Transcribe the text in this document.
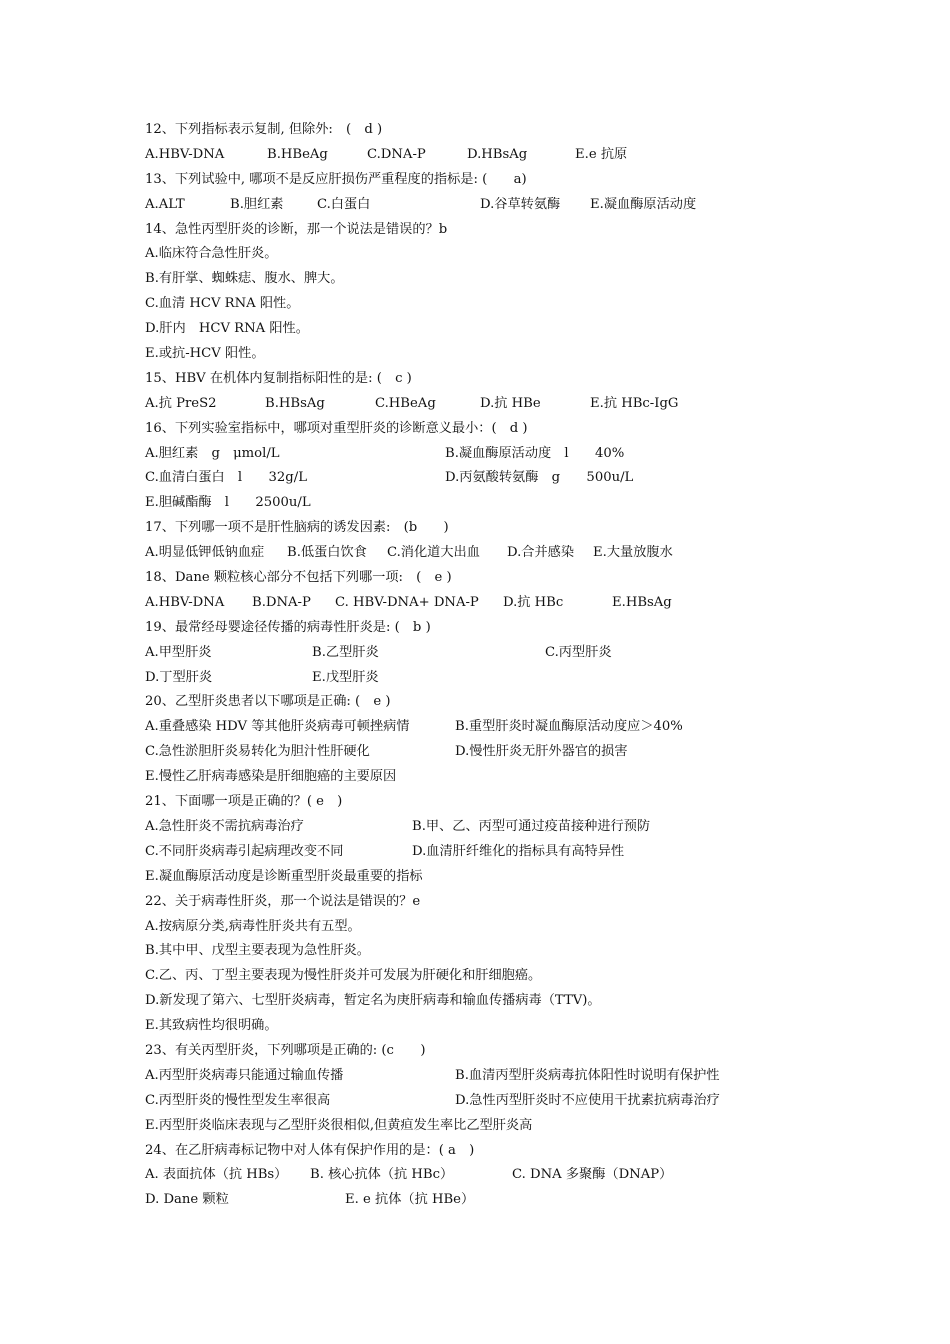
12、下列指标表示复制, 但除外:　(　d )
A.HBV-DNA	B.HBeAg	C.DNA-P	D.HBsAg	E.e 抗原
13、下列试验中, 哪项不是反应肝损伤严重程度的指标是: (　　a)
A.ALT	B.胆红素	C.白蛋白	D.谷草转氨酶 E.凝血酶原活动度
14、急性丙型肝炎的诊断，那一个说法是错误的？b
A.临床符合急性肝炎。
B.有肝掌、蜘蛛痣、腹水、脾大。
C.血清 HCV RNA 阳性。
D.肝内　HCV RNA 阳性。
E.或抗-HCV 阳性。
15、HBV 在机体内复制指标阳性的是: (　c )
A.抗 PreS2	B.HBsAg	C.HBeAg	D.抗 HBe	E.抗 HBc-IgG
16、下列实验室指标中，哪项对重型肝炎的诊断意义最小：(　d )
A.胆红素　g　μmol/L	B.凝血酶原活动度　l　　40%
C.血清白蛋白　l　　32g/L	D.丙氨酸转氨酶　g　　500u/L
E.胆碱酯酶　l　　2500u/L
17、下列哪一项不是肝性脑病的诱发因素:　(b　　)
A.明显低钾低钠血症 B.低蛋白饮食 C.消化道大出血 D.合并感染 E.大量放腹水
18、Dane 颗粒核心部分不包括下列哪一项:　(　e )
A.HBV-DNA B.DNA-P C. HBV-DNA+ DNA-P D.抗 HBc	E.HBsAg
19、最常经母婴途径传播的病毒性肝炎是: (　b )
A.甲型肝炎	B.乙型肝炎	C.丙型肝炎
D.丁型肝炎	E.戊型肝炎
20、乙型肝炎患者以下哪项是正确: (　e )
A.重叠感染 HDV 等其他肝炎病毒可顿挫病情	B.重型肝炎时凝血酶原活动度应＞40%
C.急性淤胆肝炎易转化为胆汁性肝硬化	D.慢性肝炎无肝外器官的损害
E.慢性乙肝病毒感染是肝细胞癌的主要原因
21、下面哪一项是正确的？( e　)
A.急性肝炎不需抗病毒治疗	B.甲、乙、丙型可通过疫苗接种进行预防
C.不同肝炎病毒引起病理改变不同	D.血清肝纤维化的指标具有高特异性
E.凝血酶原活动度是诊断重型肝炎最重要的指标
22、关于病毒性肝炎，那一个说法是错误的？e
A.按病原分类,病毒性肝炎共有五型。
B.其中甲、戊型主要表现为急性肝炎。
C.乙、丙、丁型主要表现为慢性肝炎并可发展为肝硬化和肝细胞癌。
D.新发现了第六、七型肝炎病毒，暂定名为庚肝病毒和输血传播病毒（TTV)。
E.其致病性均很明确。
23、有关丙型肝炎，下列哪项是正确的: (c　　)
A.丙型肝炎病毒只能通过输血传播	B.血清丙型肝炎病毒抗体阳性时说明有保护性
C.丙型肝炎的慢性型发生率很高	D.急性丙型肝炎时不应使用干扰素抗病毒治疗
E.丙型肝炎临床表现与乙型肝炎很相似,但黄疸发生率比乙型肝炎高
24、在乙肝病毒标记物中对人体有保护作用的是：( a　)
A. 表面抗体（抗 HBs） B. 核心抗体（抗 HBc）	C. DNA 多聚酶（DNAP）
D. Dane 颗粒	E. e 抗体（抗 HBe）
